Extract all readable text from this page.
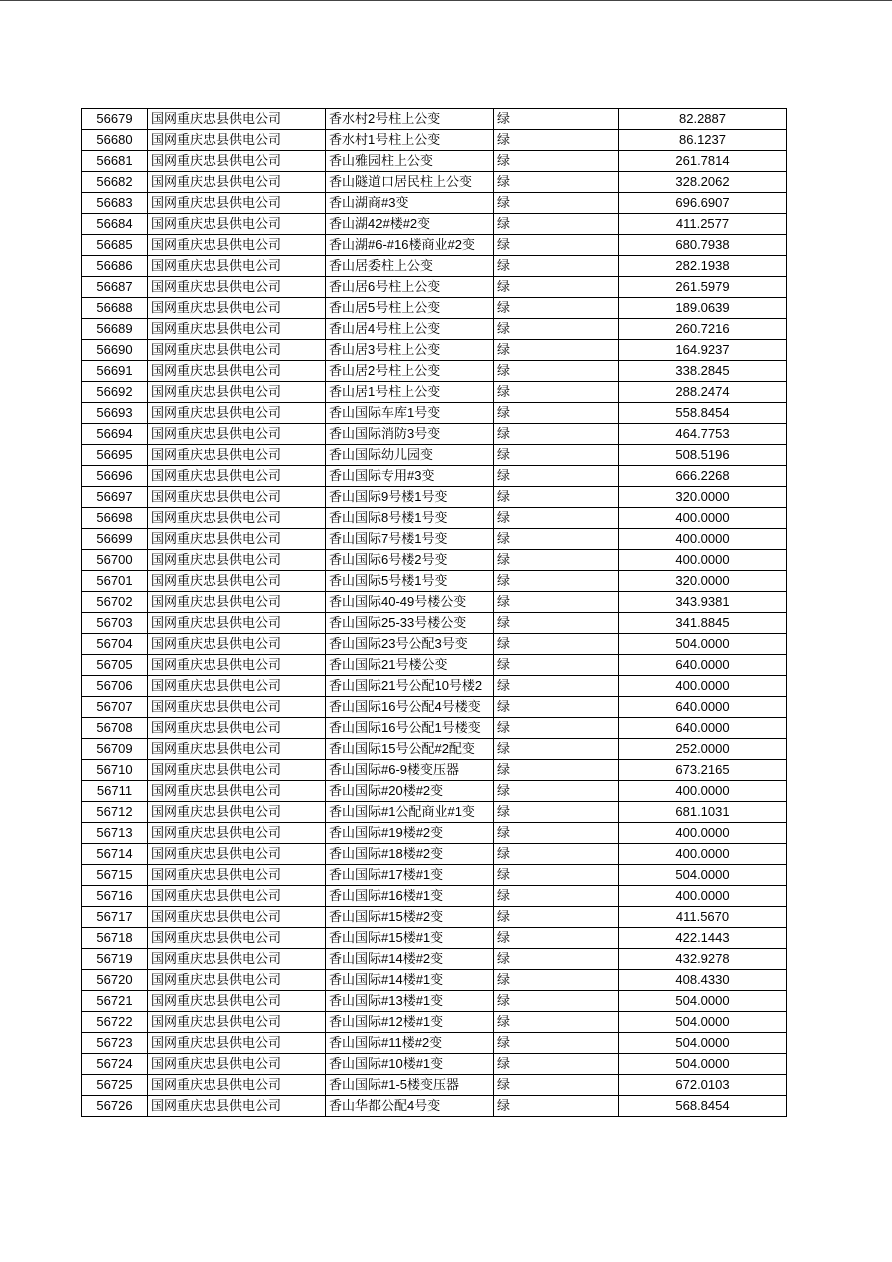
56679	国网重庆忠县供电公司	香水村2号柱上公变	绿	82.2887
56680	国网重庆忠县供电公司	香水村1号柱上公变	绿	86.1237
56681	国网重庆忠县供电公司	香山雅园柱上公变	绿	261.7814
56682	国网重庆忠县供电公司	香山隧道口居民柱上公变	绿	328.2062
56683	国网重庆忠县供电公司	香山湖商#3变	绿	696.6907
56684	国网重庆忠县供电公司	香山湖42#楼#2变	绿	411.2577
56685	国网重庆忠县供电公司	香山湖#6-#16楼商业#2变	绿	680.7938
56686	国网重庆忠县供电公司	香山居委柱上公变	绿	282.1938
56687	国网重庆忠县供电公司	香山居6号柱上公变	绿	261.5979
56688	国网重庆忠县供电公司	香山居5号柱上公变	绿	189.0639
56689	国网重庆忠县供电公司	香山居4号柱上公变	绿	260.7216
56690	国网重庆忠县供电公司	香山居3号柱上公变	绿	164.9237
56691	国网重庆忠县供电公司	香山居2号柱上公变	绿	338.2845
56692	国网重庆忠县供电公司	香山居1号柱上公变	绿	288.2474
56693	国网重庆忠县供电公司	香山国际车库1号变	绿	558.8454
56694	国网重庆忠县供电公司	香山国际消防3号变	绿	464.7753
56695	国网重庆忠县供电公司	香山国际幼儿园变	绿	508.5196
56696	国网重庆忠县供电公司	香山国际专用#3变	绿	666.2268
56697	国网重庆忠县供电公司	香山国际9号楼1号变	绿	320.0000
56698	国网重庆忠县供电公司	香山国际8号楼1号变	绿	400.0000
56699	国网重庆忠县供电公司	香山国际7号楼1号变	绿	400.0000
56700	国网重庆忠县供电公司	香山国际6号楼2号变	绿	400.0000
56701	国网重庆忠县供电公司	香山国际5号楼1号变	绿	320.0000
56702	国网重庆忠县供电公司	香山国际40-49号楼公变	绿	343.9381
56703	国网重庆忠县供电公司	香山国际25-33号楼公变	绿	341.8845
56704	国网重庆忠县供电公司	香山国际23号公配3号变	绿	504.0000
56705	国网重庆忠县供电公司	香山国际21号楼公变	绿	640.0000
56706	国网重庆忠县供电公司	香山国际21号公配10号楼2	绿	400.0000
56707	国网重庆忠县供电公司	香山国际16号公配4号楼变	绿	640.0000
56708	国网重庆忠县供电公司	香山国际16号公配1号楼变	绿	640.0000
56709	国网重庆忠县供电公司	香山国际15号公配#2配变	绿	252.0000
56710	国网重庆忠县供电公司	香山国际#6-9楼变压器	绿	673.2165
56711	国网重庆忠县供电公司	香山国际#20楼#2变	绿	400.0000
56712	国网重庆忠县供电公司	香山国际#1公配商业#1变	绿	681.1031
56713	国网重庆忠县供电公司	香山国际#19楼#2变	绿	400.0000
56714	国网重庆忠县供电公司	香山国际#18楼#2变	绿	400.0000
56715	国网重庆忠县供电公司	香山国际#17楼#1变	绿	504.0000
56716	国网重庆忠县供电公司	香山国际#16楼#1变	绿	400.0000
56717	国网重庆忠县供电公司	香山国际#15楼#2变	绿	411.5670
56718	国网重庆忠县供电公司	香山国际#15楼#1变	绿	422.1443
56719	国网重庆忠县供电公司	香山国际#14楼#2变	绿	432.9278
56720	国网重庆忠县供电公司	香山国际#14楼#1变	绿	408.4330
56721	国网重庆忠县供电公司	香山国际#13楼#1变	绿	504.0000
56722	国网重庆忠县供电公司	香山国际#12楼#1变	绿	504.0000
56723	国网重庆忠县供电公司	香山国际#11楼#2变	绿	504.0000
56724	国网重庆忠县供电公司	香山国际#10楼#1变	绿	504.0000
56725	国网重庆忠县供电公司	香山国际#1-5楼变压器	绿	672.0103
56726	国网重庆忠县供电公司	香山华都公配4号变	绿	568.8454
